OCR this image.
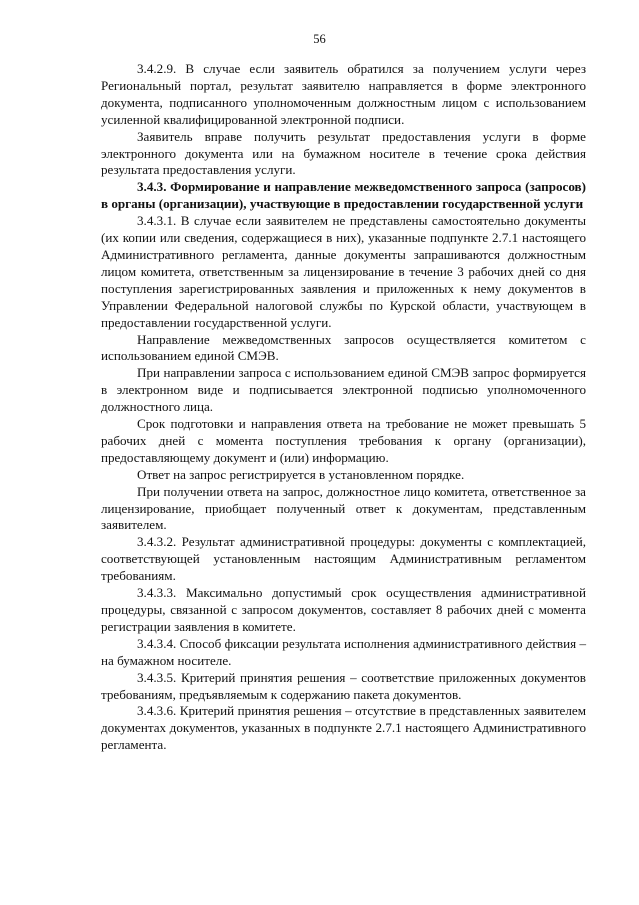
56

3.4.2.9. В случае если заявитель обратился за получением услуги через Региональный портал, результат заявителю направляется в форме электронного документа, подписанного уполномоченным должностным лицом с использованием усиленной квалифицированной электронной подписи.

Заявитель вправе получить результат предоставления услуги в форме электронного документа или на бумажном носителе в течение срока действия результата предоставления услуги.

3.4.3. Формирование и направление межведомственного запроса (запросов) в органы (организации), участвующие в предоставлении государственной услуги

3.4.3.1. В случае если заявителем не представлены самостоятельно документы (их копии или сведения, содержащиеся в них), указанные подпункте 2.7.1 настоящего Административного регламента, данные документы запрашиваются должностным лицом комитета, ответственным за лицензирование в течение 3 рабочих дней со дня поступления зарегистрированных заявления и приложенных к нему документов в Управлении Федеральной налоговой службы по Курской области, участвующем в предоставлении государственной услуги.

Направление межведомственных запросов осуществляется комитетом с использованием единой СМЭВ.

При направлении запроса с использованием единой СМЭВ запрос формируется в электронном виде и подписывается электронной подписью уполномоченного должностного лица.

Срок подготовки и направления ответа на требование не может превышать 5 рабочих дней с момента поступления требования к органу (организации), предоставляющему документ и (или) информацию.

Ответ на запрос регистрируется в установленном порядке.

При получении ответа на запрос, должностное лицо комитета, ответственное за лицензирование, приобщает полученный ответ к документам, представленным заявителем.

3.4.3.2. Результат административной процедуры: документы с комплектацией, соответствующей установленным настоящим Административным регламентом требованиям.

3.4.3.3. Максимально допустимый срок осуществления административной процедуры, связанной с запросом документов, составляет 8 рабочих дней с момента регистрации заявления в комитете.

3.4.3.4. Способ фиксации результата исполнения административного действия – на бумажном носителе.

3.4.3.5. Критерий принятия решения – соответствие приложенных документов требованиям, предъявляемым к содержанию пакета документов.

3.4.3.6. Критерий принятия решения – отсутствие в представленных заявителем документах документов, указанных в подпункте 2.7.1 настоящего Административного регламента.
